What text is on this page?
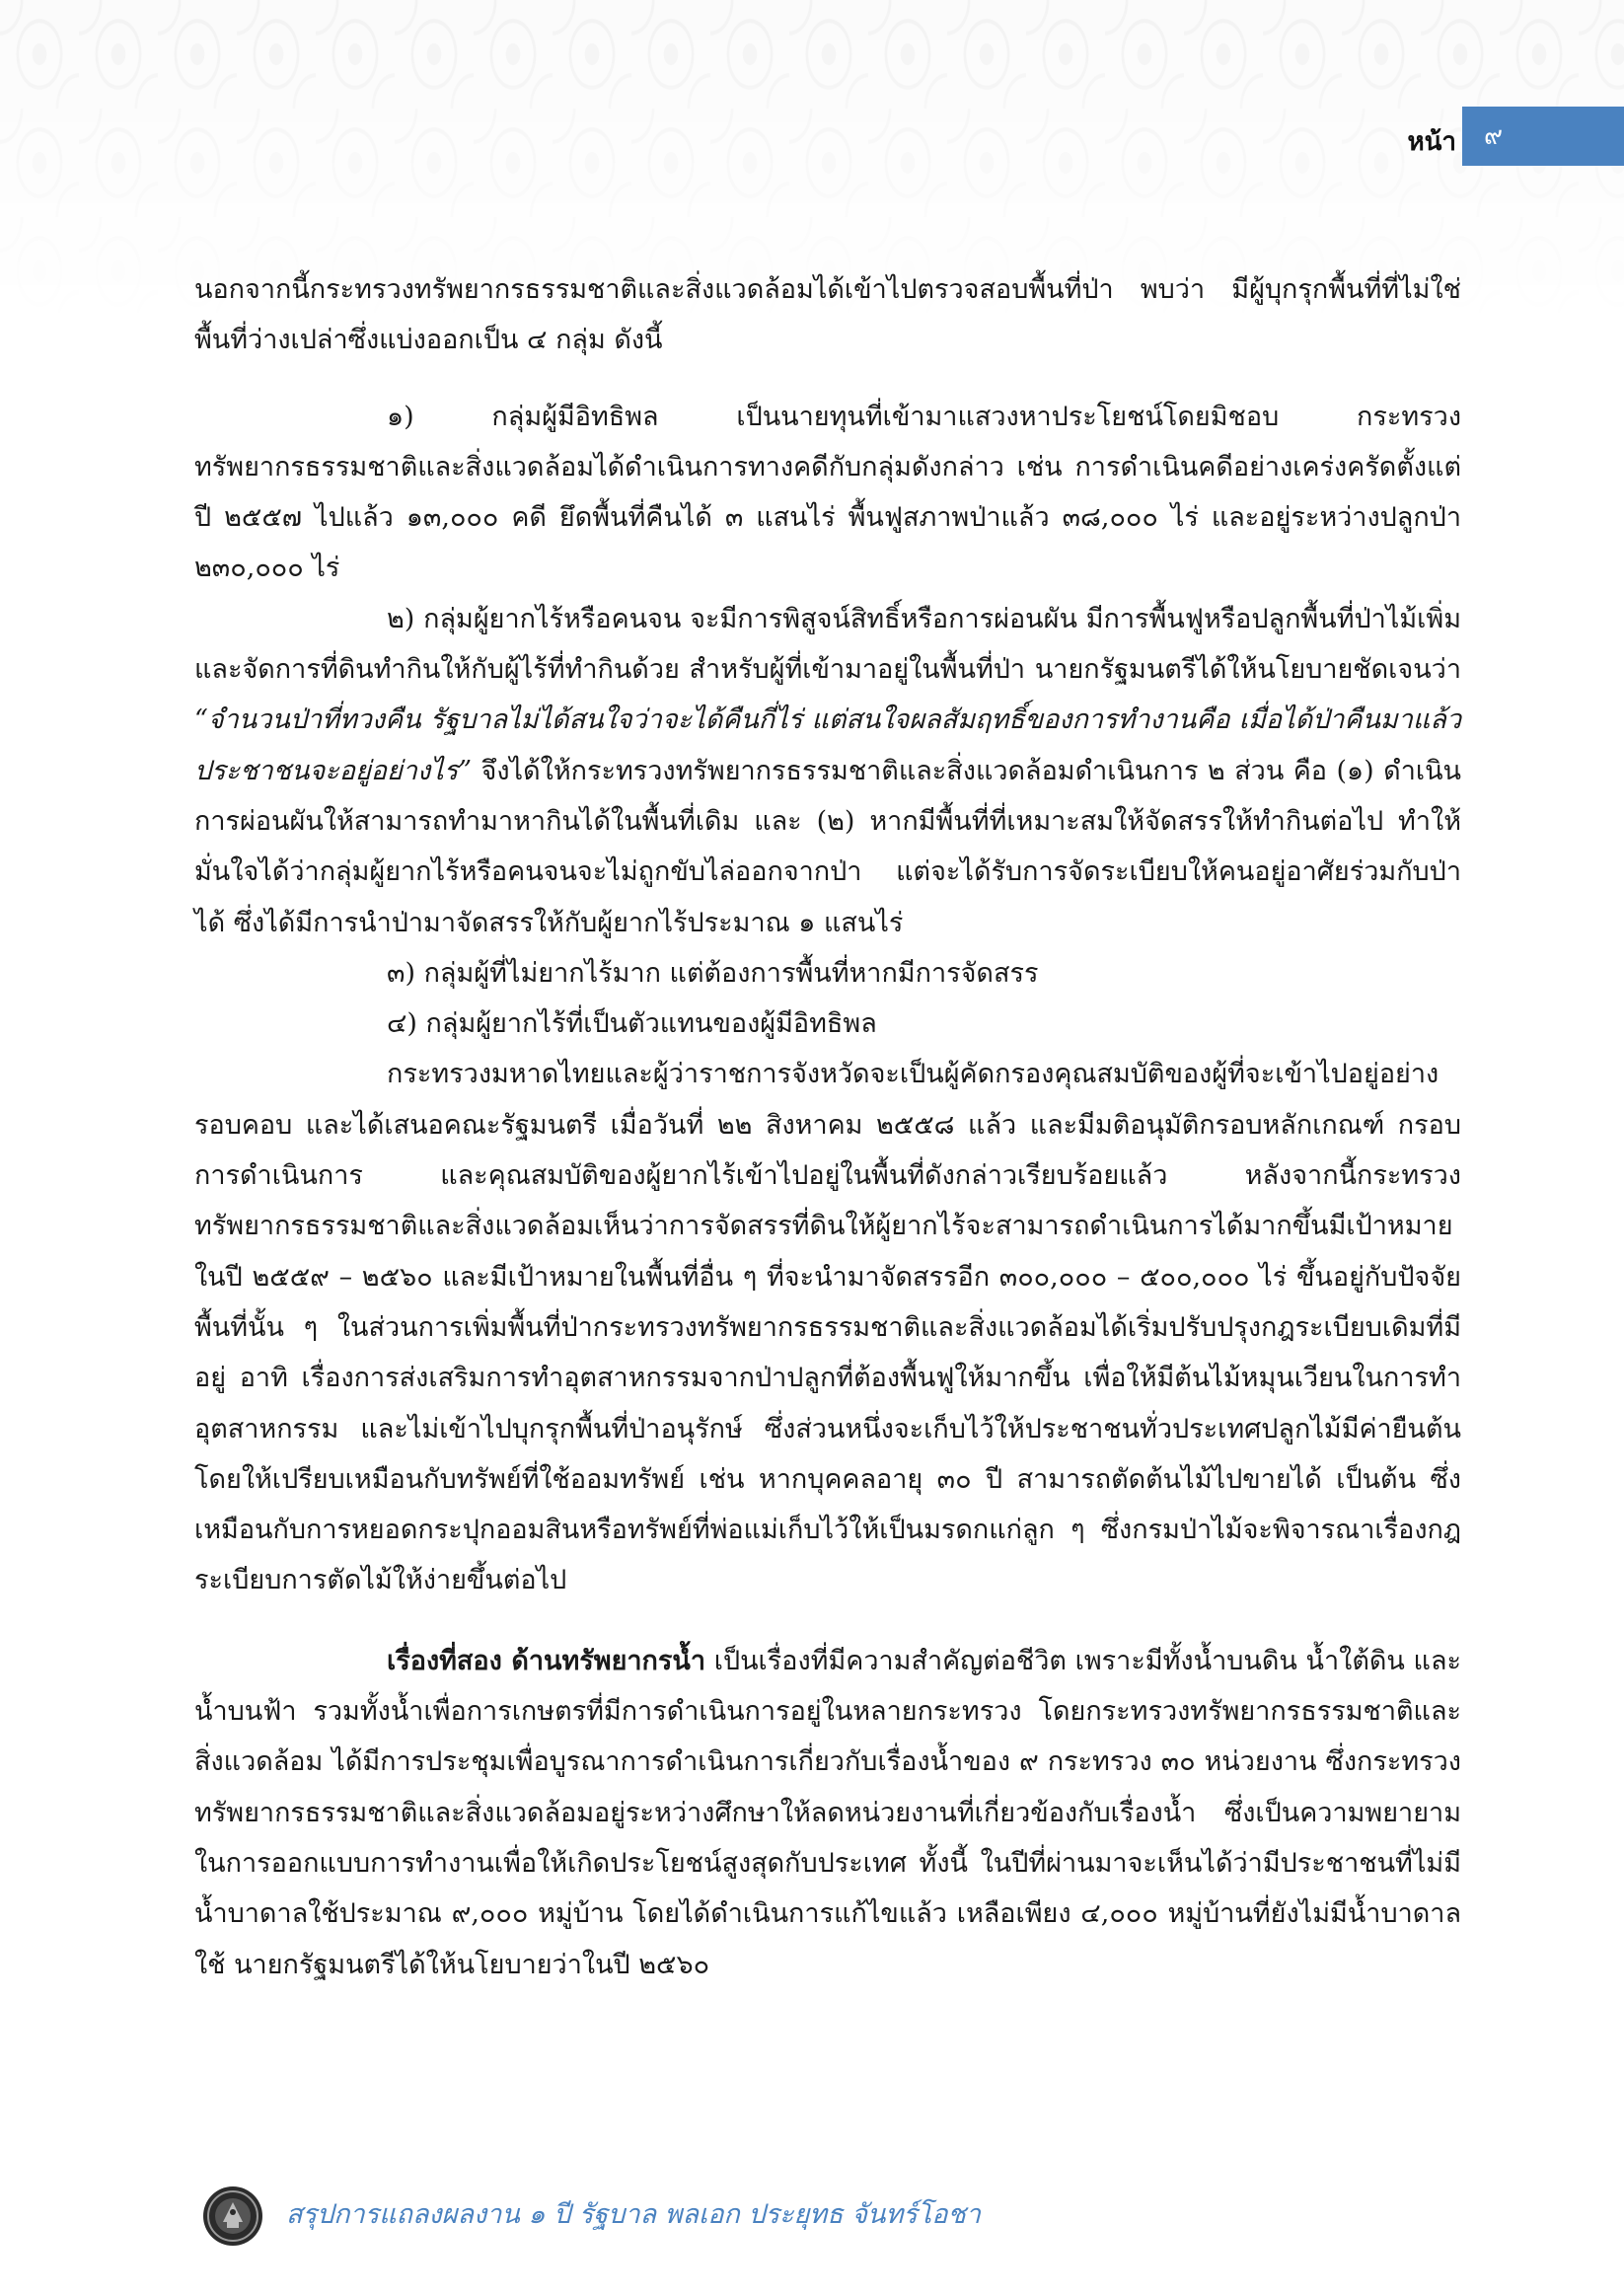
หน้า	๙

นอกจากนี้กระทรวงทรัพยากรธรรมชาติและสิ่งแวดล้อมได้เข้าไปตรวจสอบพื้นที่ป่า พบว่า มีผู้บุกรุกพื้นที่ที่ไม่ใช่พื้นที่ว่างเปล่าซึ่งแบ่งออกเป็น ๔ กลุ่ม ดังนี้

๑) กลุ่มผู้มีอิทธิพล เป็นนายทุนที่เข้ามาแสวงหาประโยชน์โดยมิชอบ กระทรวงทรัพยากรธรรมชาติและสิ่งแวดล้อมได้ดำเนินการทางคดีกับกลุ่มดังกล่าว เช่น การดำเนินคดีอย่างเคร่งครัดตั้งแต่ปี ๒๕๕๗ ไปแล้ว ๑๓,๐๐๐ คดี ยึดพื้นที่คืนได้ ๓ แสนไร่ พื้นฟูสภาพป่าแล้ว ๓๘,๐๐๐ ไร่ และอยู่ระหว่างปลูกป่า ๒๓๐,๐๐๐ ไร่

๒) กลุ่มผู้ยากไร้หรือคนจน จะมีการพิสูจน์สิทธิ์หรือการผ่อนผัน มีการพื้นฟูหรือปลูกพื้นที่ป่าไม้เพิ่ม และจัดการที่ดินทำกินให้กับผู้ไร้ที่ทำกินด้วย สำหรับผู้ที่เข้ามาอยู่ในพื้นที่ป่า นายกรัฐมนตรีได้ให้นโยบายชัดเจนว่า “จำนวนป่าที่ทวงคืน รัฐบาลไม่ได้สนใจว่าจะได้คืนกี่ไร่ แต่สนใจผลสัมฤทธิ์ของการทำงานคือ เมื่อได้ป่าคืนมาแล้ว ประชาชนจะอยู่อย่างไร” จึงได้ให้กระทรวงทรัพยากรธรรมชาติและสิ่งแวดล้อมดำเนินการ ๒ ส่วน คือ (๑) ดำเนินการผ่อนผันให้สามารถทำมาหากินได้ในพื้นที่เดิม และ (๒) หากมีพื้นที่ที่เหมาะสมให้จัดสรรให้ทำกินต่อไป ทำให้มั่นใจได้ว่ากลุ่มผู้ยากไร้หรือคนจนจะไม่ถูกขับไล่ออกจากป่า แต่จะได้รับการจัดระเบียบให้คนอยู่อาศัยร่วมกับป่าได้ ซึ่งได้มีการนำป่ามาจัดสรรให้กับผู้ยากไร้ประมาณ ๑ แสนไร่

๓) กลุ่มผู้ที่ไม่ยากไร้มาก แต่ต้องการพื้นที่หากมีการจัดสรร

๔) กลุ่มผู้ยากไร้ที่เป็นตัวแทนของผู้มีอิทธิพล

กระทรวงมหาดไทยและผู้ว่าราชการจังหวัดจะเป็นผู้คัดกรองคุณสมบัติของผู้ที่จะเข้าไปอยู่อย่างรอบคอบ และได้เสนอคณะรัฐมนตรี เมื่อวันที่ ๒๒ สิงหาคม ๒๕๕๘ แล้ว และมีมติอนุมัติกรอบหลักเกณฑ์ กรอบการดำเนินการ และคุณสมบัติของผู้ยากไร้เข้าไปอยู่ในพื้นที่ดังกล่าวเรียบร้อยแล้ว หลังจากนี้กระทรวงทรัพยากรธรรมชาติและสิ่งแวดล้อมเห็นว่าการจัดสรรที่ดินให้ผู้ยากไร้จะสามารถดำเนินการได้มากขึ้นมีเป้าหมายในปี ๒๕๕๙ – ๒๕๖๐ และมีเป้าหมายในพื้นที่อื่น ๆ ที่จะนำมาจัดสรรอีก ๓๐๐,๐๐๐ – ๕๐๐,๐๐๐ ไร่ ขึ้นอยู่กับปัจจัยพื้นที่นั้น ๆ ในส่วนการเพิ่มพื้นที่ป่ากระทรวงทรัพยากรธรรมชาติและสิ่งแวดล้อมได้เริ่มปรับปรุงกฎระเบียบเดิมที่มีอยู่ อาทิ เรื่องการส่งเสริมการทำอุตสาหกรรมจากป่าปลูกที่ต้องพื้นฟูให้มากขึ้น เพื่อให้มีต้นไม้หมุนเวียนในการทำอุตสาหกรรม และไม่เข้าไปบุกรุกพื้นที่ป่าอนุรักษ์ ซึ่งส่วนหนึ่งจะเก็บไว้ให้ประชาชนทั่วประเทศปลูกไม้มีค่ายืนต้น โดยให้เปรียบเหมือนกับทรัพย์ที่ใช้ออมทรัพย์ เช่น หากบุคคลอายุ ๓๐ ปี สามารถตัดต้นไม้ไปขายได้ เป็นต้น ซึ่งเหมือนกับการหยอดกระปุกออมสินหรือทรัพย์ที่พ่อแม่เก็บไว้ให้เป็นมรดกแก่ลูก ๆ ซึ่งกรมป่าไม้จะพิจารณาเรื่องกฎระเบียบการตัดไม้ให้ง่ายขึ้นต่อไป

เรื่องที่สอง ด้านทรัพยากรน้ำ เป็นเรื่องที่มีความสำคัญต่อชีวิต เพราะมีทั้งน้ำบนดิน น้ำใต้ดิน และน้ำบนฟ้า รวมทั้งน้ำเพื่อการเกษตรที่มีการดำเนินการอยู่ในหลายกระทรวง โดยกระทรวงทรัพยากรธรรมชาติและสิ่งแวดล้อม ได้มีการประชุมเพื่อบูรณาการดำเนินการเกี่ยวกับเรื่องน้ำของ ๙ กระทรวง ๓๐ หน่วยงาน ซึ่งกระทรวงทรัพยากรธรรมชาติและสิ่งแวดล้อมอยู่ระหว่างศึกษาให้ลดหน่วยงานที่เกี่ยวข้องกับเรื่องน้ำ ซึ่งเป็นความพยายามในการออกแบบการทำงานเพื่อให้เกิดประโยชน์สูงสุดกับประเทศ ทั้งนี้ ในปีที่ผ่านมาจะเห็นได้ว่ามีประชาชนที่ไม่มีน้ำบาดาลใช้ประมาณ ๙,๐๐๐ หมู่บ้าน โดยได้ดำเนินการแก้ไขแล้ว เหลือเพียง ๔,๐๐๐ หมู่บ้านที่ยังไม่มีน้ำบาดาลใช้ นายกรัฐมนตรีได้ให้นโยบายว่าในปี ๒๕๖๐

สรุปการแถลงผลงาน ๑ ปี รัฐบาล พลเอก ประยุทธ จันทร์โอชา
